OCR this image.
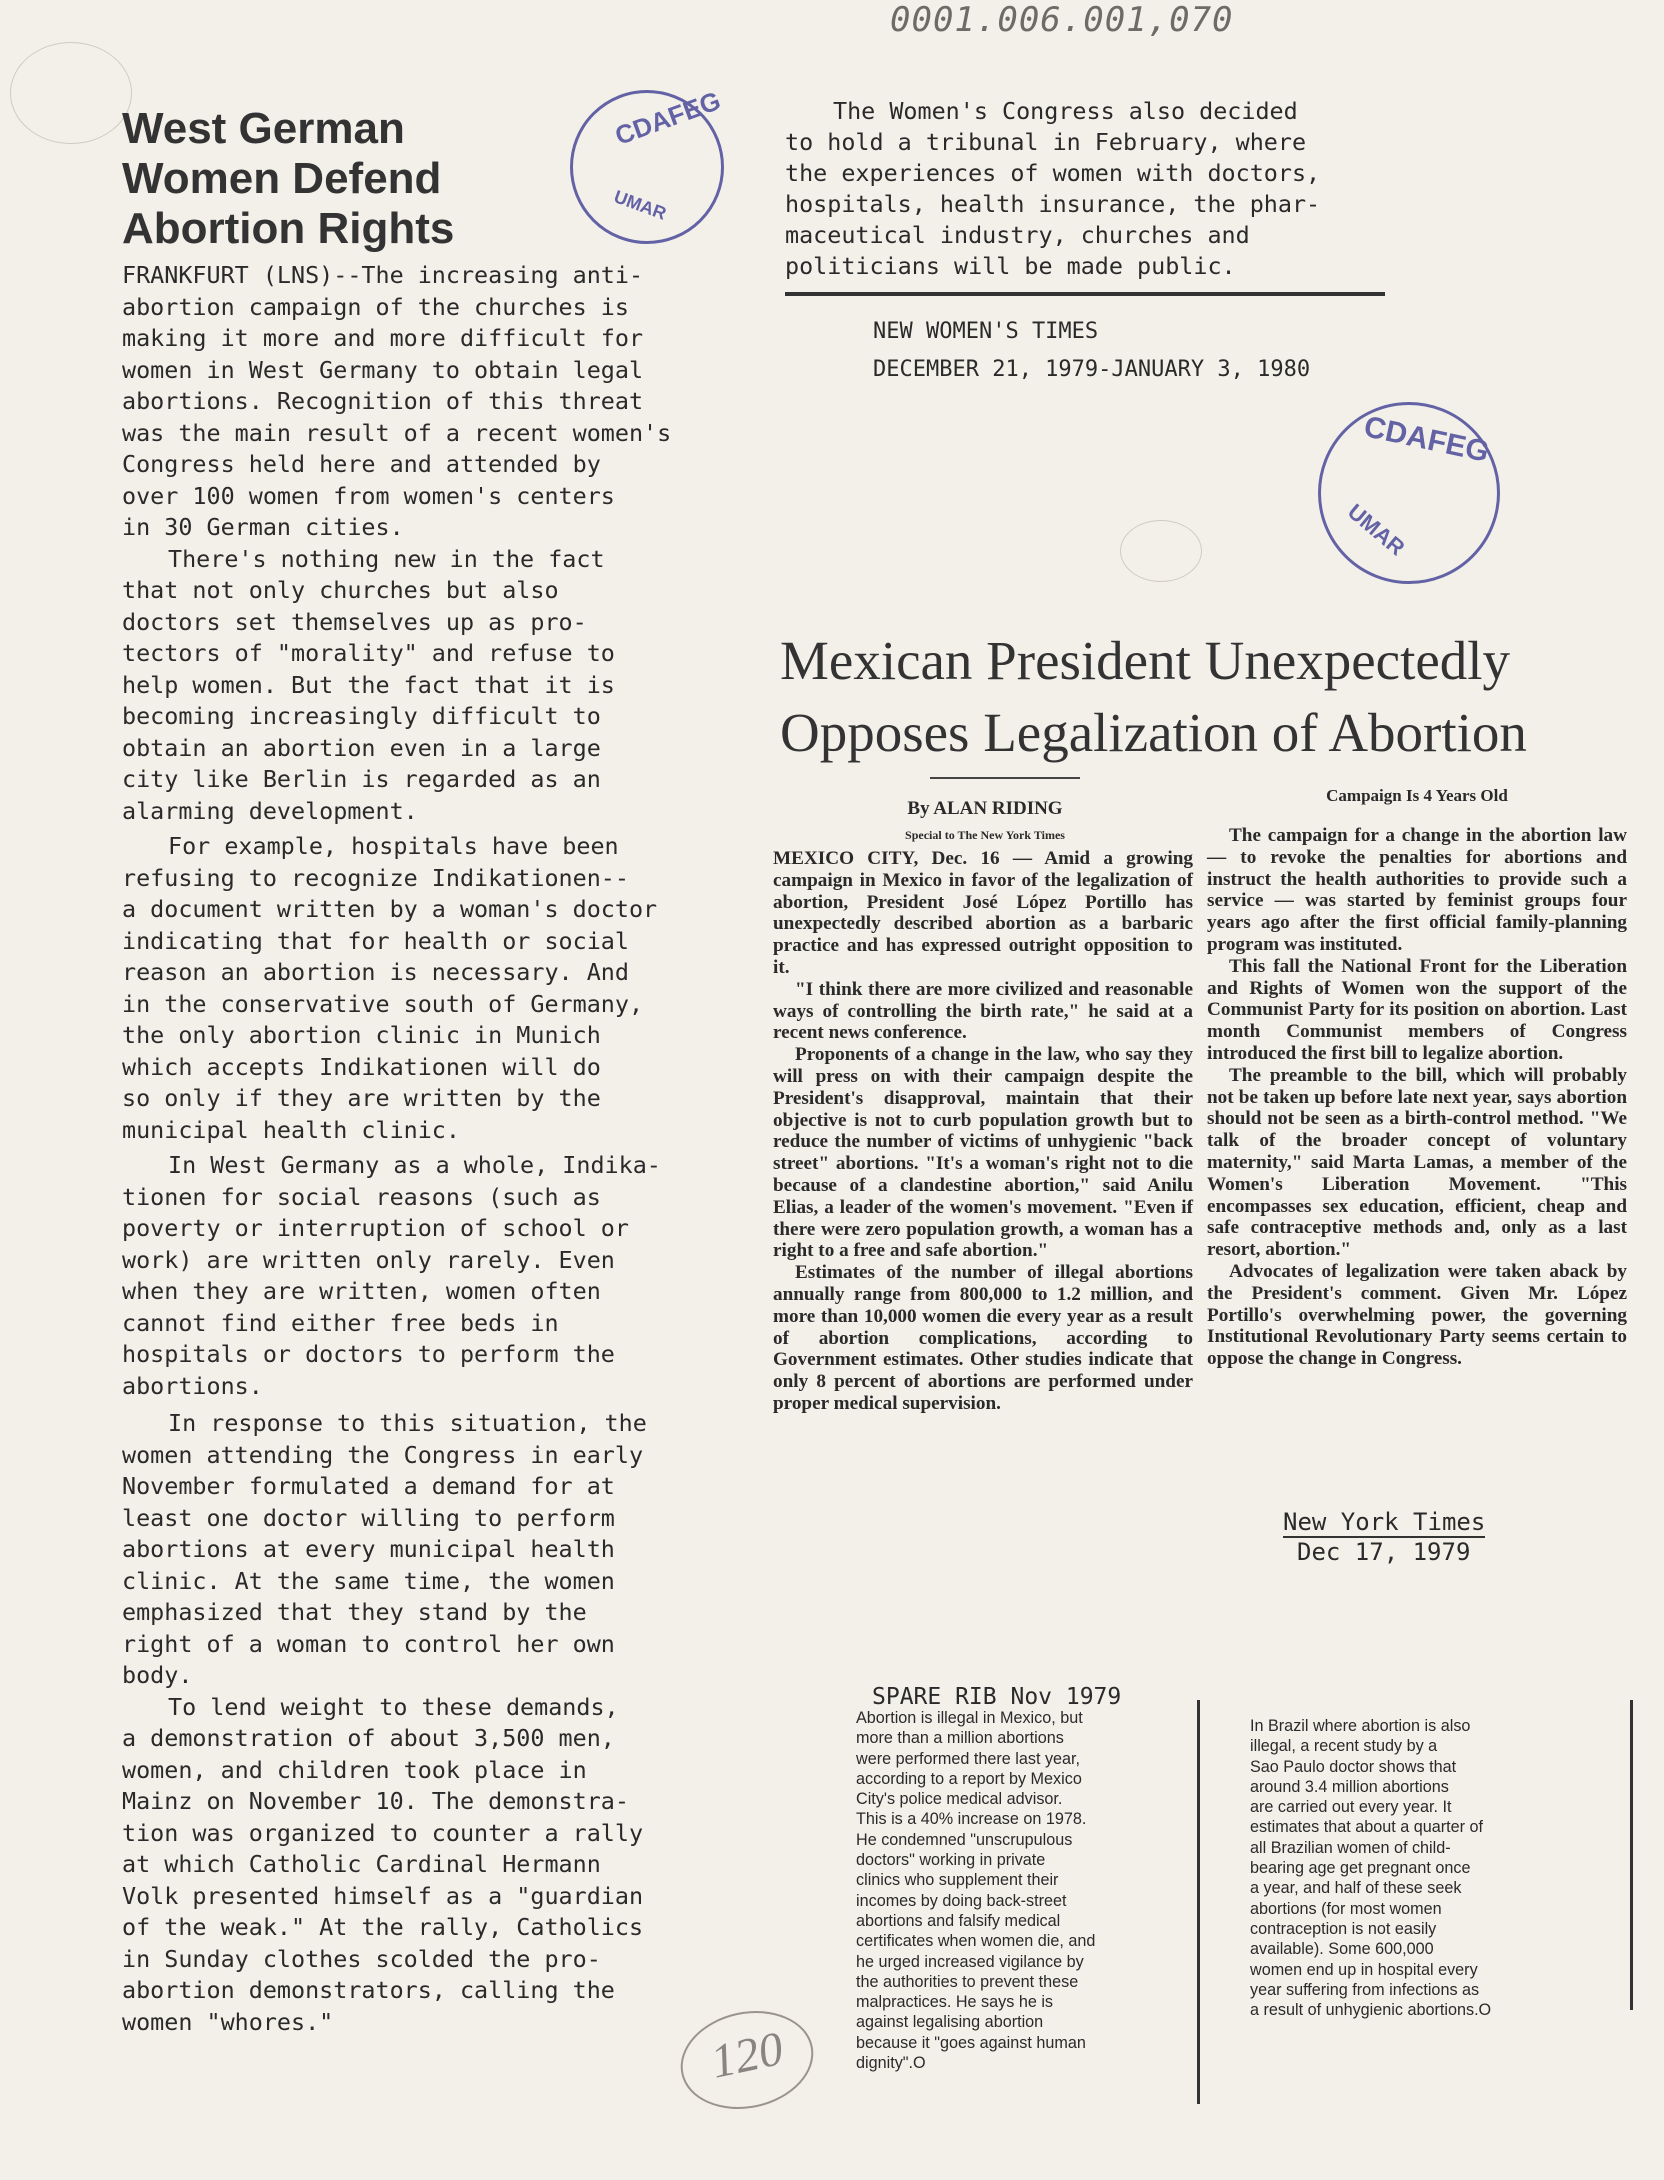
0001.006.001,070
West German
Women Defend
Abortion Rights
CDAFEG
UMAR
CDAFEG
UMAR

FRANKFURT (LNS)--The increasing anti-
abortion campaign of the churches is
making it more and more difficult for
women in West Germany to obtain legal
abortions. Recognition of this threat
was the main result of a recent women's
Congress held here and attended by
over 100 women from women's centers
in 30 German cities.

There's nothing new in the fact
that not only churches but also
doctors set themselves up as pro-
tectors of "morality" and refuse to
help women. But the fact that it is
becoming increasingly difficult to
obtain an abortion even in a large
city like Berlin is regarded as an
alarming development.

For example, hospitals have been
refusing to recognize Indikationen--
a document written by a woman's doctor
indicating that for health or social
reason an abortion is necessary. And
in the conservative south of Germany,
the only abortion clinic in Munich
which accepts Indikationen will do
so only if they are written by the
municipal health clinic.

In West Germany as a whole, Indika-
tionen for social reasons (such as
poverty or interruption of school or
work) are written only rarely. Even
when they are written, women often
cannot find either free beds in
hospitals or doctors to perform the
abortions.

In response to this situation, the
women attending the Congress in early
November formulated a demand for at
least one doctor willing to perform
abortions at every municipal health
clinic. At the same time, the women
emphasized that they stand by the
right of a woman to control her own
body.

To lend weight to these demands,
a demonstration of about 3,500 men,
women, and children took place in
Mainz on November 10. The demonstra-
tion was organized to counter a rally
at which Catholic Cardinal Hermann
Volk presented himself as a "guardian
of the weak." At the rally, Catholics
in Sunday clothes scolded the pro-
abortion demonstrators, calling the
women "whores."

The Women's Congress also decided
to hold a tribunal in February, where
the experiences of women with doctors,
hospitals, health insurance, the phar-
maceutical industry, churches and
politicians will be made public.

NEW WOMEN'S TIMES
DECEMBER 21, 1979-JANUARY 3, 1980
Mexican President Unexpectedly
Opposes Legalization of Abortion
By ALAN RIDING
Special to The New York Times

MEXICO CITY, Dec. 16 — Amid a growing campaign in Mexico in favor of the legalization of abortion, President José López Portillo has unexpectedly described abortion as a barbaric practice and has expressed outright opposition to it.

"I think there are more civilized and reasonable ways of controlling the birth rate," he said at a recent news conference.

Proponents of a change in the law, who say they will press on with their campaign despite the President's disapproval, maintain that their objective is not to curb population growth but to reduce the number of victims of unhygienic "back street" abortions. "It's a woman's right not to die because of a clandestine abortion," said Anilu Elias, a leader of the women's movement. "Even if there were zero population growth, a woman has a right to a free and safe abortion."

Estimates of the number of illegal abortions annually range from 800,000 to 1.2 million, and more than 10,000 women die every year as a result of abortion complications, according to Government estimates. Other studies indicate that only 8 percent of abortions are performed under proper medical supervision.

Campaign Is 4 Years Old

The campaign for a change in the abortion law — to revoke the penalties for abortions and instruct the health authorities to provide such a service — was started by feminist groups four years ago after the first official family-planning program was instituted.

This fall the National Front for the Liberation and Rights of Women won the support of the Communist Party for its position on abortion. Last month Communist members of Congress introduced the first bill to legalize abortion.

The preamble to the bill, which will probably not be taken up before late next year, says abortion should not be seen as a birth-control method. "We talk of the broader concept of voluntary maternity," said Marta Lamas, a member of the Women's Liberation Movement. "This encompasses sex education, efficient, cheap and safe contraceptive methods and, only as a last resort, abortion."

Advocates of legalization were taken aback by the President's comment. Given Mr. López Portillo's overwhelming power, the governing Institutional Revolutionary Party seems certain to oppose the change in Congress.

New York Times
Dec 17, 1979
SPARE RIB Nov 1979

Abortion is illegal in Mexico, but
more than a million abortions
were performed there last year,
according to a report by Mexico
City's police medical advisor.
This is a 40% increase on 1978.
He condemned "unscrupulous
doctors" working in private
clinics who supplement their
incomes by doing back-street
abortions and falsify medical
certificates when women die, and
he urged increased vigilance by
the authorities to prevent these
malpractices. He says he is
against legalising abortion
because it "goes against human
dignity".O

In Brazil where abortion is also
illegal, a recent study by a
Sao Paulo doctor shows that
around 3.4 million abortions
are carried out every year. It
estimates that about a quarter of
all Brazilian women of child-
bearing age get pregnant once
a year, and half of these seek
abortions (for most women
contraception is not easily
available). Some 600,000
women end up in hospital every
year suffering from infections as
a result of unhygienic abortions.O

120
